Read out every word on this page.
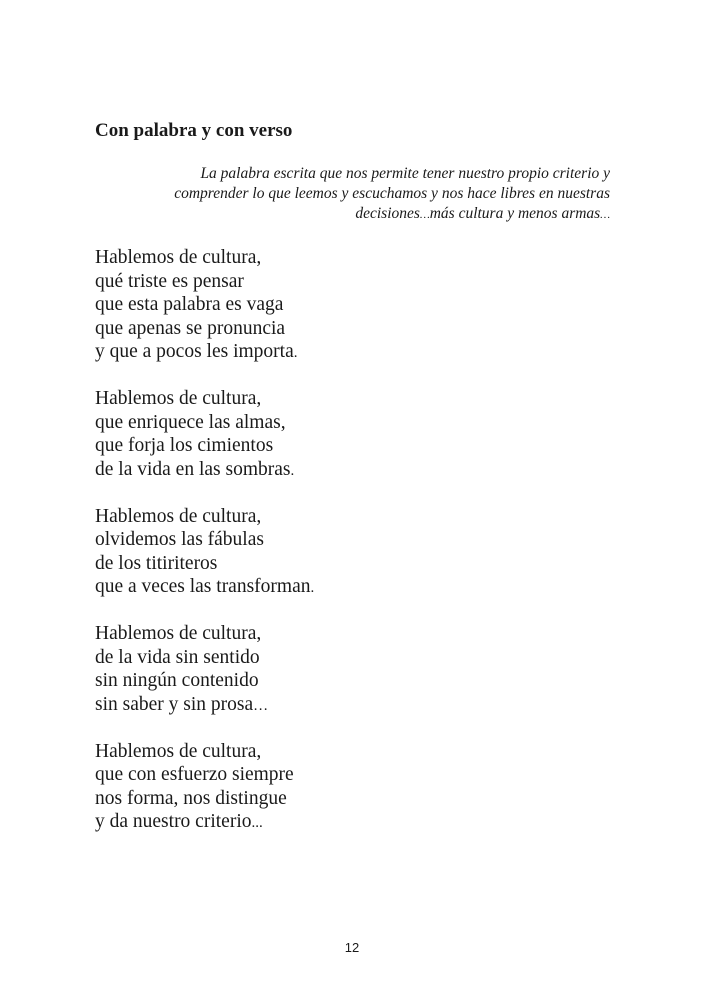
Con palabra y con verso

La palabra escrita que nos permite tener nuestro propio criterio y
comprender lo que leemos y escuchamos y nos hace libres en nuestras
decisiones…más cultura y menos armas…

Hablemos de cultura,
qué triste es pensar
que esta palabra es vaga
que apenas se pronuncia
y que a pocos les importa.
Hablemos de cultura,
que enriquece las almas,
que forja los cimientos
de la vida en las sombras.
Hablemos de cultura,
olvidemos las fábulas
de los titiriteros
que a veces las transforman.
Hablemos de cultura,
de la vida sin sentido
sin ningún contenido
sin saber y sin prosa…
Hablemos de cultura,
que con esfuerzo siempre
nos forma, nos distingue
y da nuestro criterio...
12
